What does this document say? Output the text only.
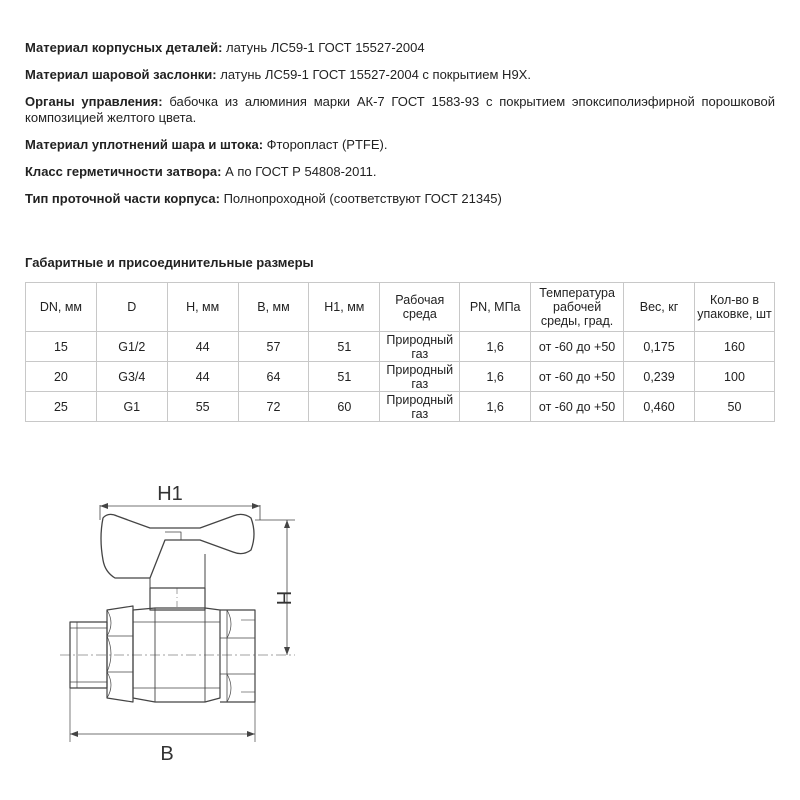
Материал корпусных деталей: латунь ЛС59-1 ГОСТ 15527-2004

Материал шаровой заслонки: латунь ЛС59-1 ГОСТ 15527-2004 с покрытием Н9Х.

Органы управления: бабочка из алюминия марки АК-7 ГОСТ 1583-93 с покрытием эпоксиполиэфирной порошковой композицией желтого цвета.

Материал уплотнений шара и штока: Фторопласт (PTFE).

Класс герметичности затвора: А по ГОСТ Р 54808-2011.

Тип проточной части корпуса: Полнопроходной (соответствуют ГОСТ 21345)

Габаритные и присоединительные размеры
DN, мм	D	H, мм	B, мм	H1, мм	Рабочая среда	PN, МПа	Температура рабочей среды, град.	Вес, кг	Кол-во в упаковке, шт
15	G1/2	44	57	51	Природный газ	1,6	от -60 до +50	0,175	160
20	G3/4	44	64	51	Природный газ	1,6	от -60 до +50	0,239	100
25	G1	55	72	60	Природный газ	1,6	от -60 до +50	0,460	50
H1
H
B
